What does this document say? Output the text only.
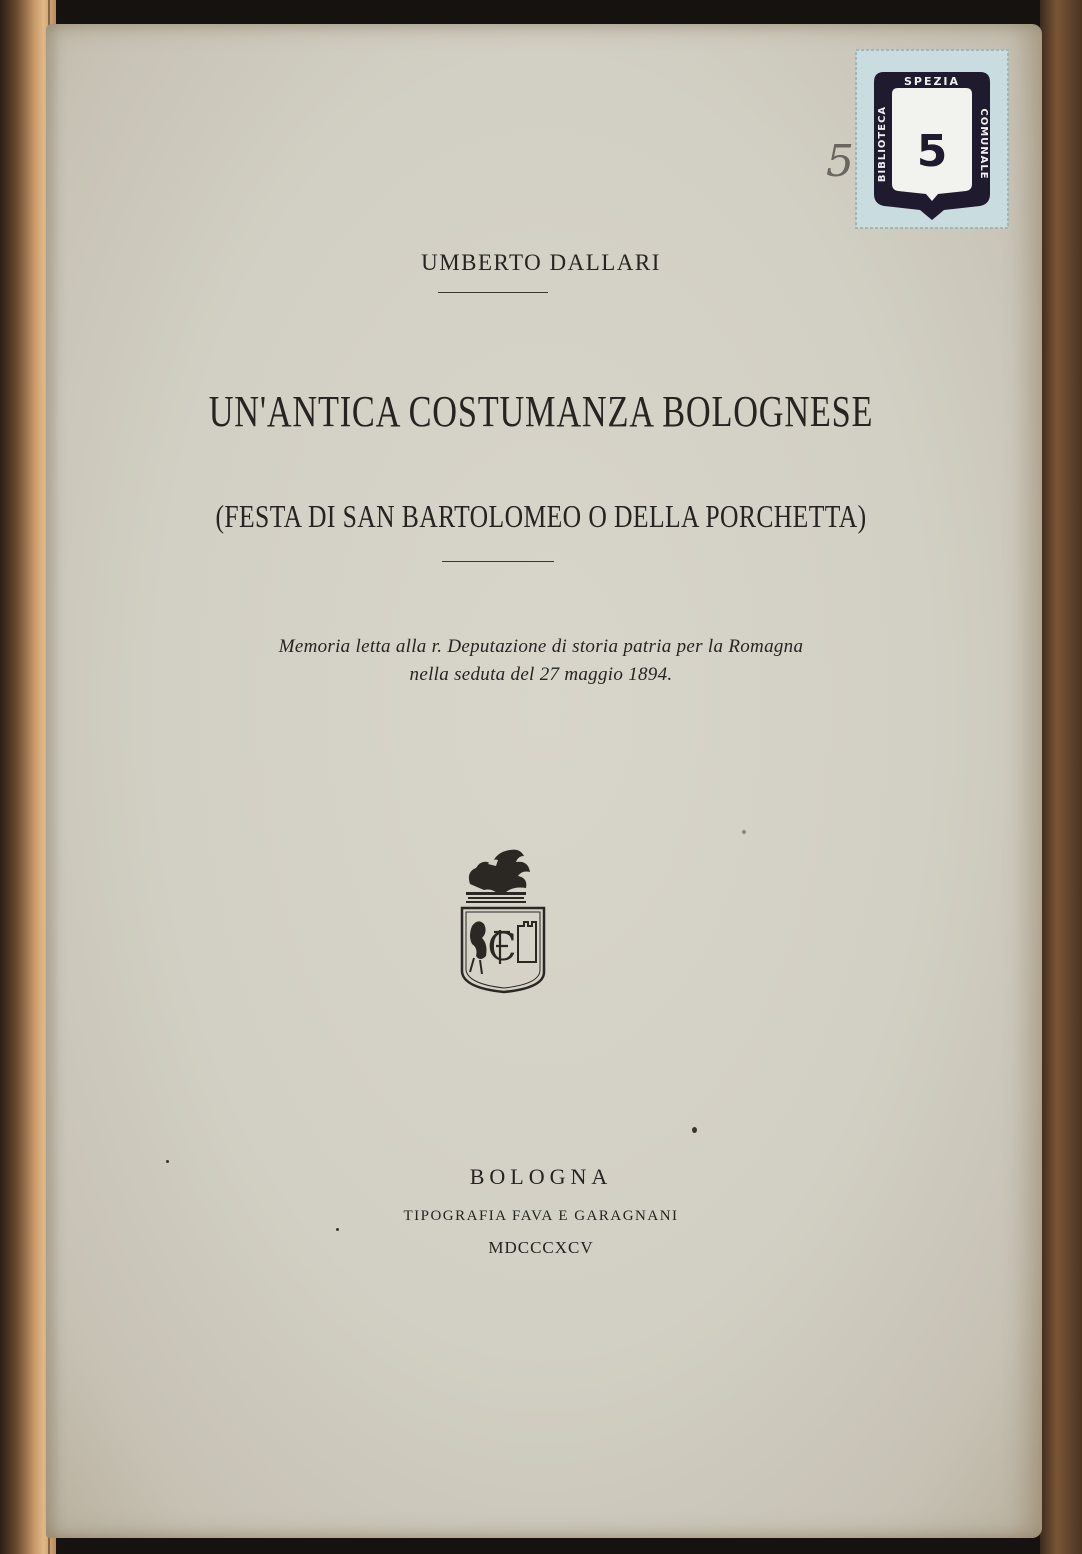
SPEZIA
BIBLIOTECA	COMUNALE
5
5
UMBERTO DALLARI
UN'ANTICA COSTUMANZA BOLOGNESE
(FESTA DI SAN BARTOLOMEO O DELLA PORCHETTA)
Memoria letta alla r. Deputazione di storia patria per la Romagna
nella seduta del 27 maggio 1894.
C
BOLOGNA
TIPOGRAFIA FAVA E GARAGNANI
MDCCCXCV
